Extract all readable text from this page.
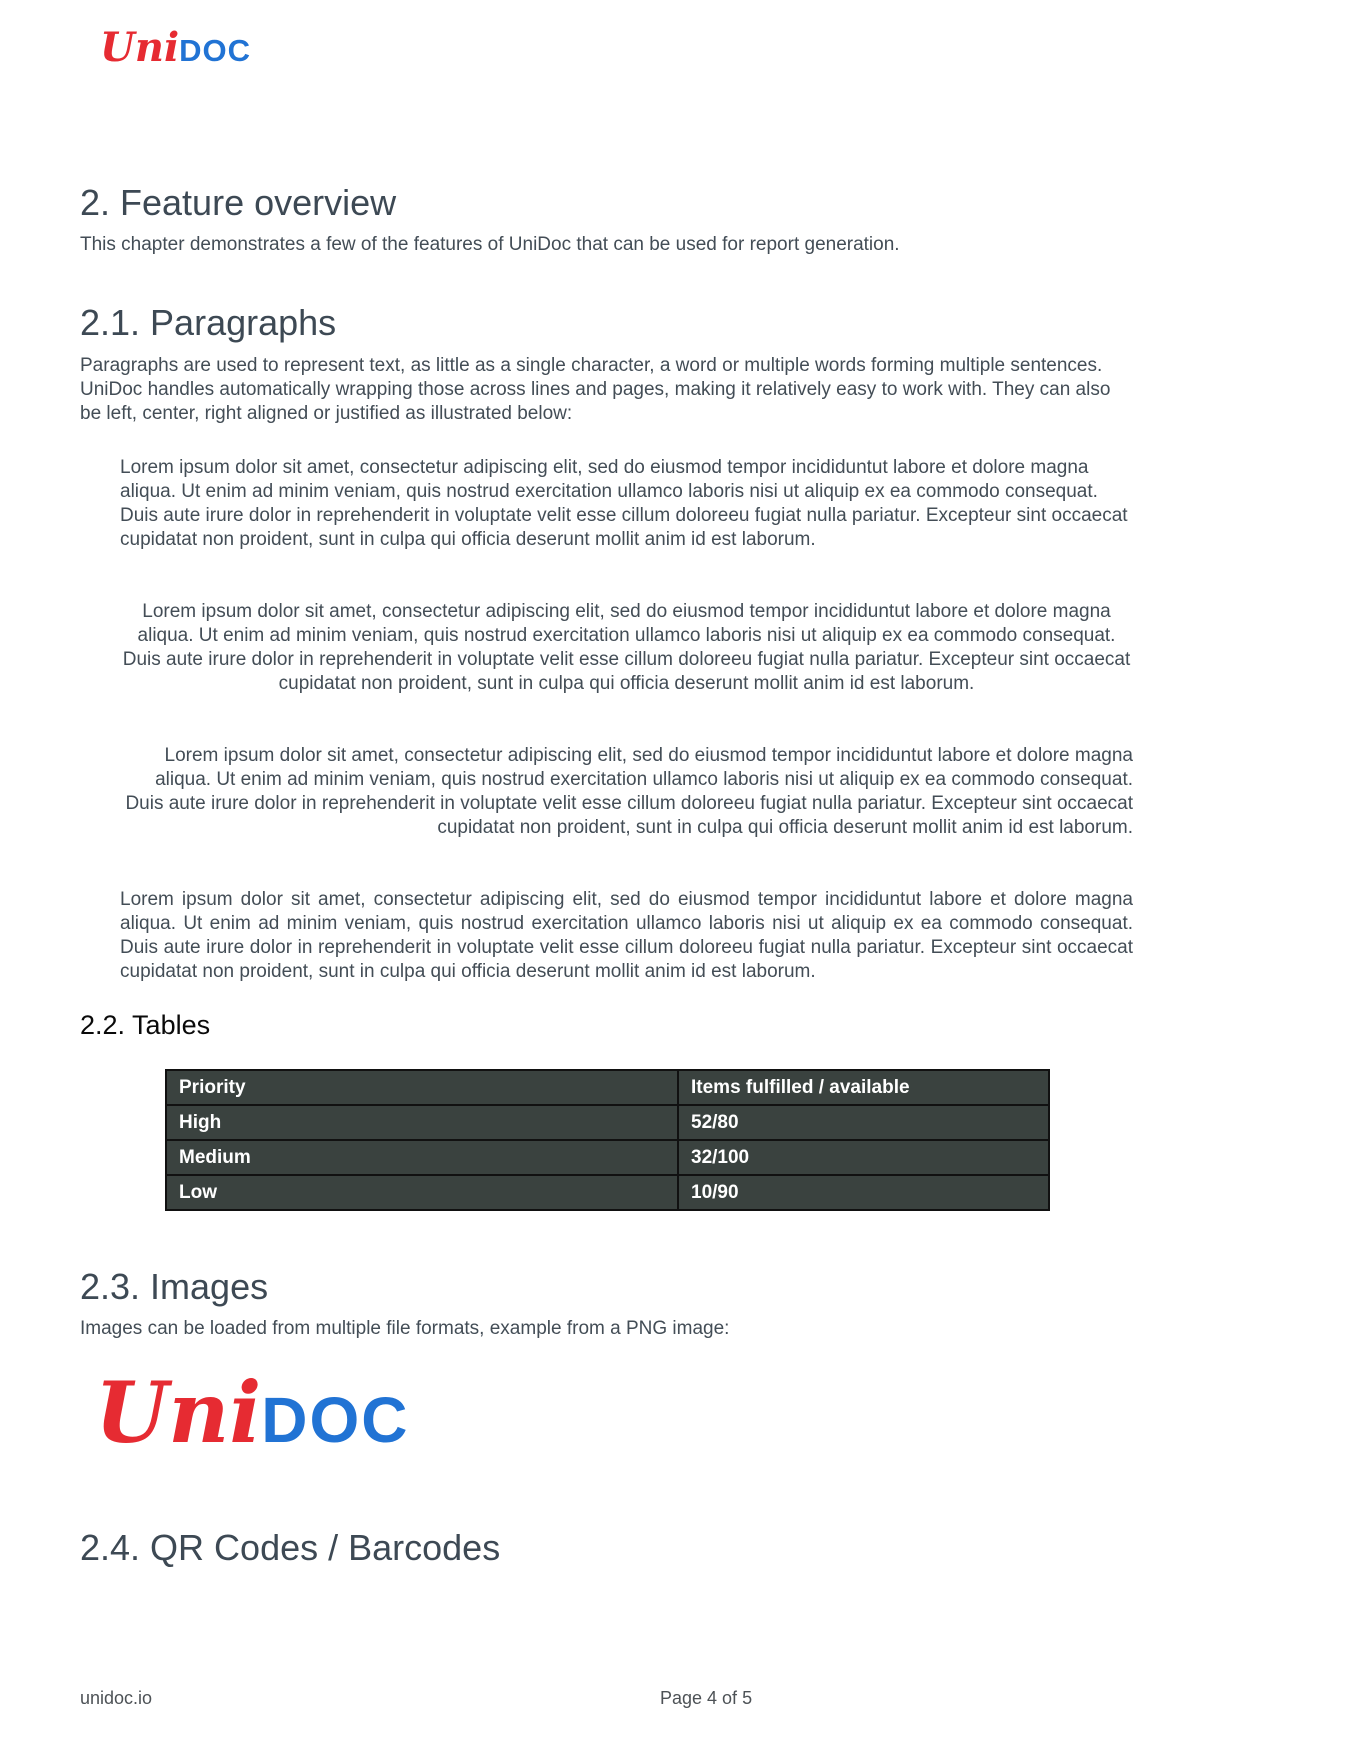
UniDOC
2. Feature overview

This chapter demonstrates a few of the features of UniDoc that can be used for report generation.

2.1. Paragraphs

Paragraphs are used to represent text, as little as a single character, a word or multiple words forming multiple sentences. UniDoc handles automatically wrapping those across lines and pages, making it relatively easy to work with. They can also be left, center, right aligned or justified as illustrated below:

Lorem ipsum dolor sit amet, consectetur adipiscing elit, sed do eiusmod tempor incididuntut labore et dolore magna aliqua. Ut enim ad minim veniam, quis nostrud exercitation ullamco laboris nisi ut aliquip ex ea commodo consequat. Duis aute irure dolor in reprehenderit in voluptate velit esse cillum doloreeu fugiat nulla pariatur. Excepteur sint occaecat cupidatat non proident, sunt in culpa qui officia deserunt mollit anim id est laborum.

Lorem ipsum dolor sit amet, consectetur adipiscing elit, sed do eiusmod tempor incididuntut labore et dolore magna aliqua. Ut enim ad minim veniam, quis nostrud exercitation ullamco laboris nisi ut aliquip ex ea commodo consequat. Duis aute irure dolor in reprehenderit in voluptate velit esse cillum doloreeu fugiat nulla pariatur. Excepteur sint occaecat cupidatat non proident, sunt in culpa qui officia deserunt mollit anim id est laborum.

Lorem ipsum dolor sit amet, consectetur adipiscing elit, sed do eiusmod tempor incididuntut labore et dolore magna aliqua. Ut enim ad minim veniam, quis nostrud exercitation ullamco laboris nisi ut aliquip ex ea commodo consequat. Duis aute irure dolor in reprehenderit in voluptate velit esse cillum doloreeu fugiat nulla pariatur. Excepteur sint occaecat cupidatat non proident, sunt in culpa qui officia deserunt mollit anim id est laborum.

Lorem ipsum dolor sit amet, consectetur adipiscing elit, sed do eiusmod tempor incididuntut labore et dolore magna aliqua. Ut enim ad minim veniam, quis nostrud exercitation ullamco laboris nisi ut aliquip ex ea commodo consequat. Duis aute irure dolor in reprehenderit in voluptate velit esse cillum doloreeu fugiat nulla pariatur. Excepteur sint occaecat cupidatat non proident, sunt in culpa qui officia deserunt mollit anim id est laborum.

2.2. Tables
Priority	Items fulfilled / available
High	52/80
Medium	32/100
Low	10/90
2.3. Images

Images can be loaded from multiple file formats, example from a PNG image:

UniDOC
2.4. QR Codes / Barcodes
unidoc.io	Page 4 of 5
